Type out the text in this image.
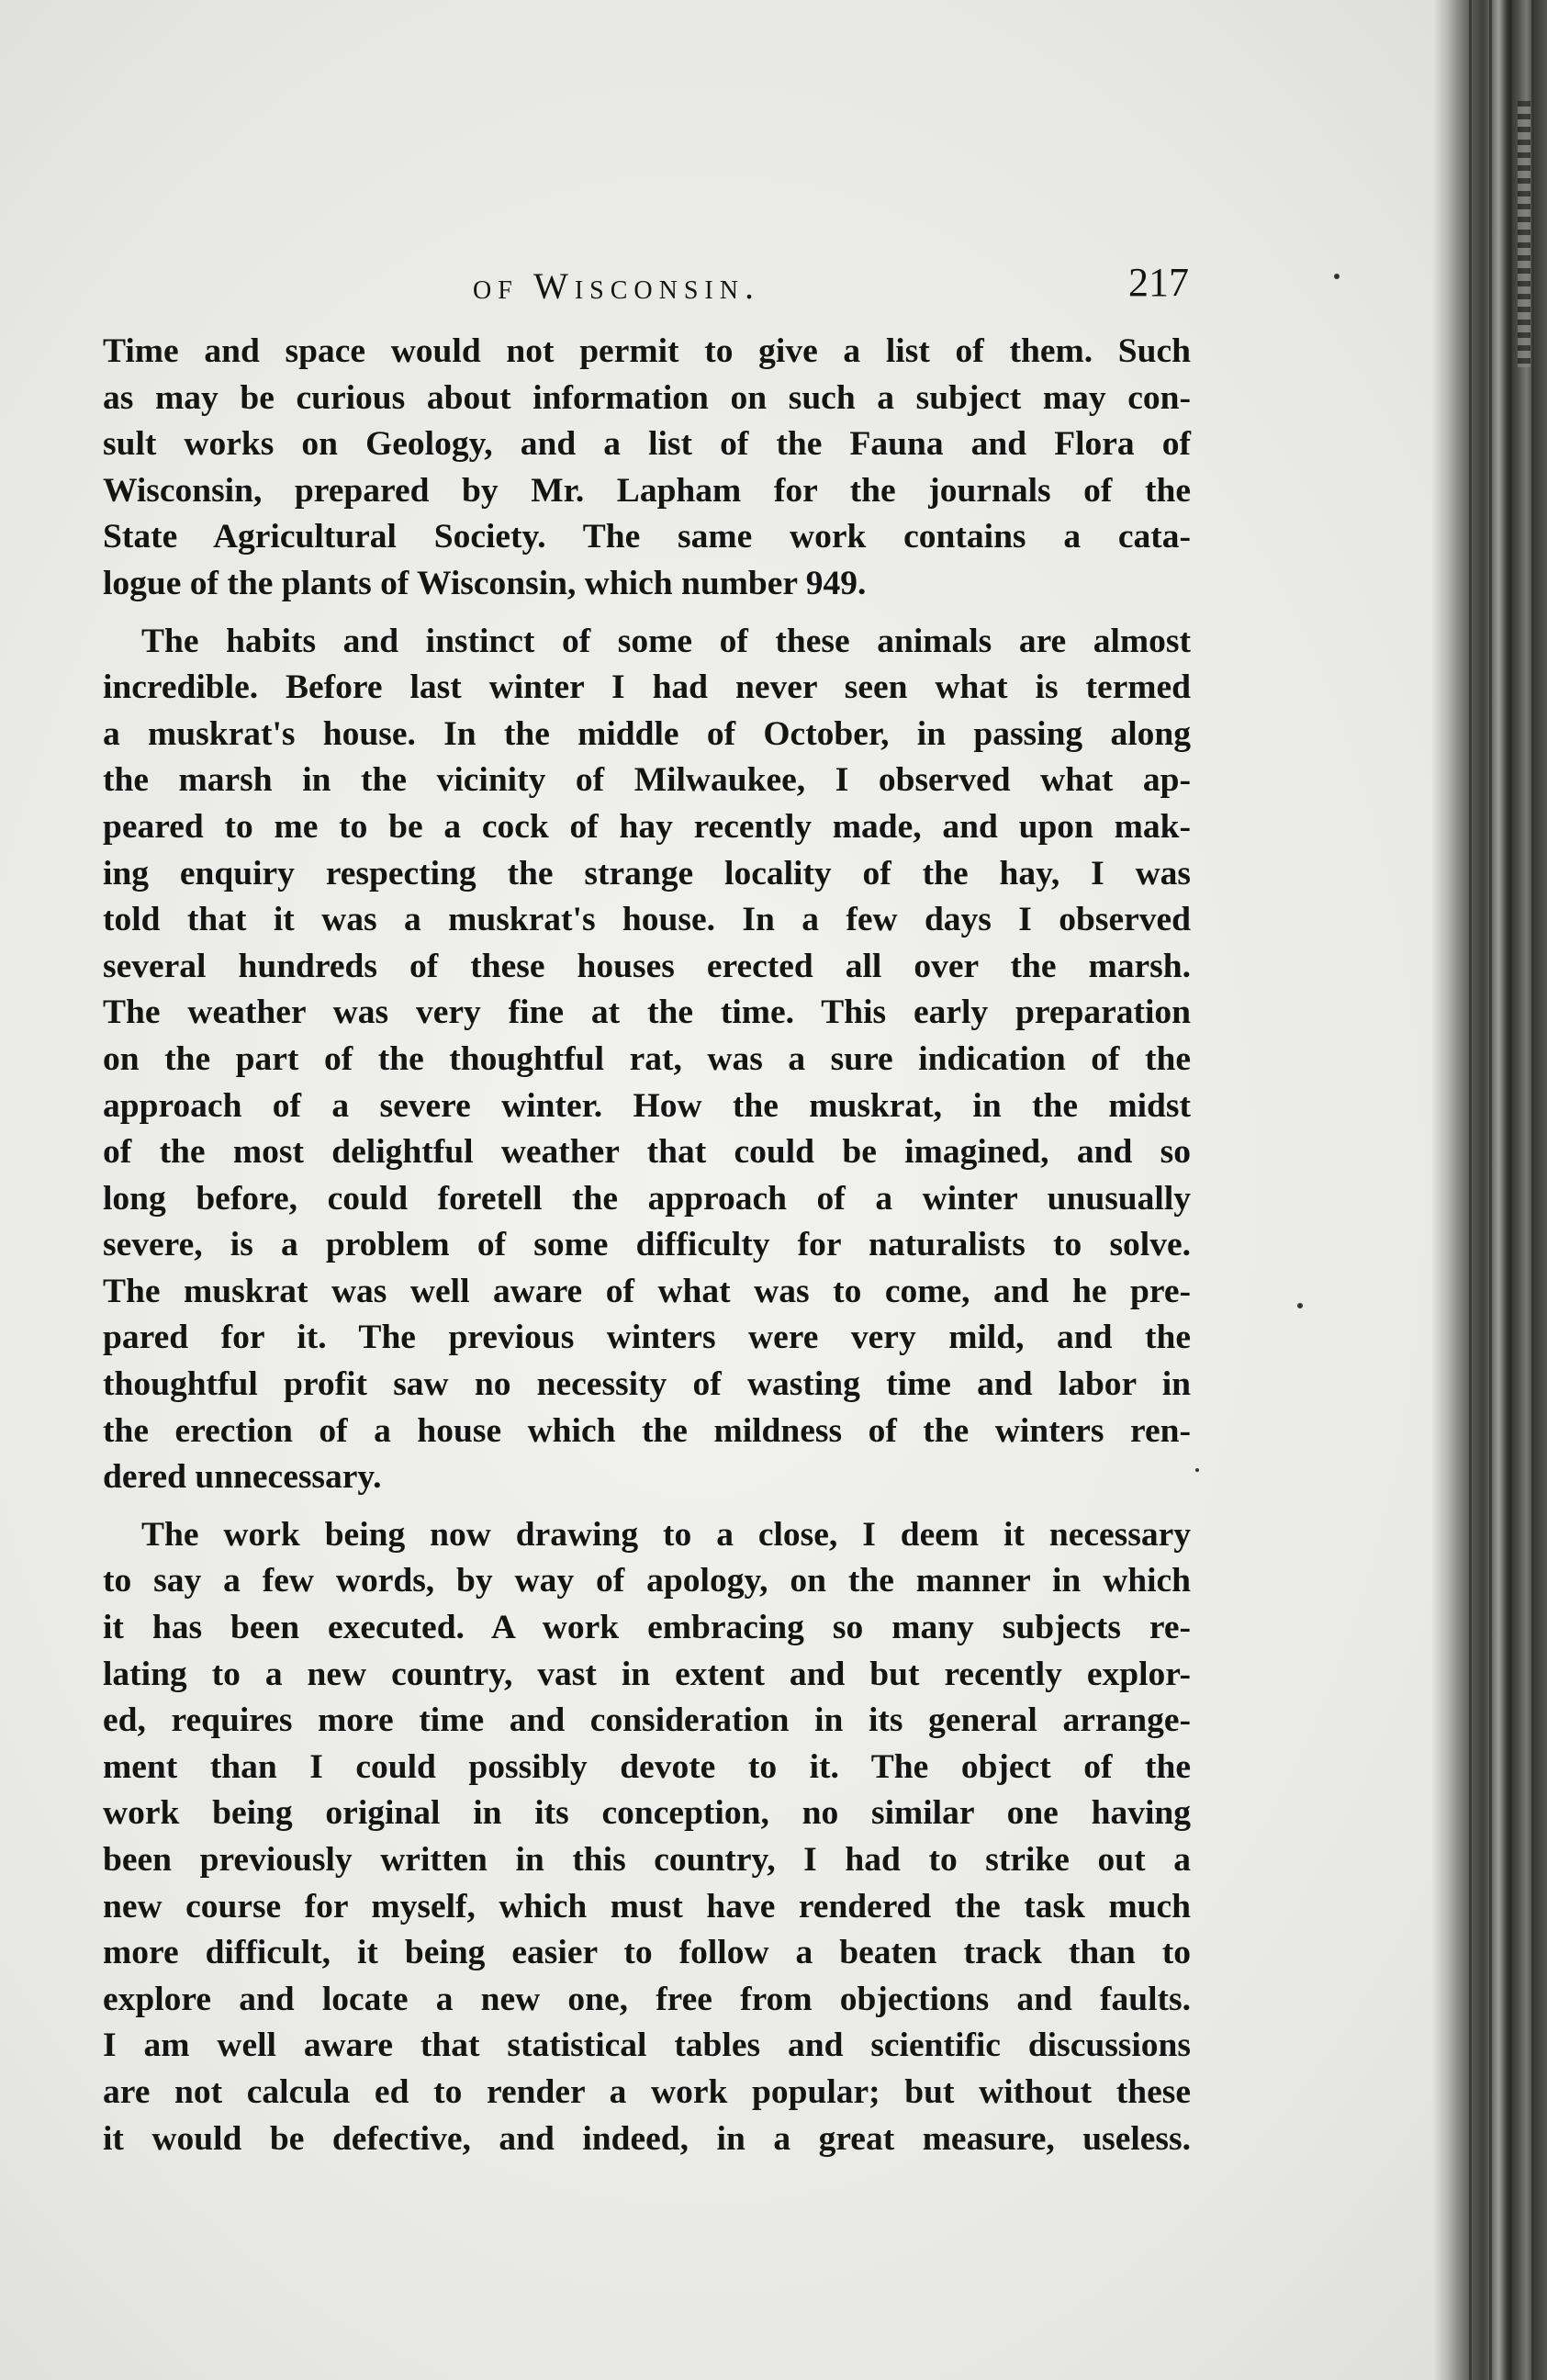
of Wisconsin.	217
Time and space would not permit to give a list of them. Such
as may be curious about information on such a subject may con-
sult works on Geology, and a list of the Fauna and Flora of
Wisconsin, prepared by Mr. Lapham for the journals of the
State Agricultural Society. The same work contains a cata-
logue of the plants of Wisconsin, which number 949.
The habits and instinct of some of these animals are almost
incredible. Before last winter I had never seen what is termed
a muskrat's house. In the middle of October, in passing along
the marsh in the vicinity of Milwaukee, I observed what ap-
peared to me to be a cock of hay recently made, and upon mak-
ing enquiry respecting the strange locality of the hay, I was
told that it was a muskrat's house. In a few days I observed
several hundreds of these houses erected all over the marsh.
The weather was very fine at the time. This early preparation
on the part of the thoughtful rat, was a sure indication of the
approach of a severe winter. How the muskrat, in the midst
of the most delightful weather that could be imagined, and so
long before, could foretell the approach of a winter unusually
severe, is a problem of some difficulty for naturalists to solve.
The muskrat was well aware of what was to come, and he pre-
pared for it. The previous winters were very mild, and the
thoughtful profit saw no necessity of wasting time and labor in
the erection of a house which the mildness of the winters ren-
dered unnecessary.
The work being now drawing to a close, I deem it necessary
to say a few words, by way of apology, on the manner in which
it has been executed. A work embracing so many subjects re-
lating to a new country, vast in extent and but recently explor-
ed, requires more time and consideration in its general arrange-
ment than I could possibly devote to it. The object of the
work being original in its conception, no similar one having
been previously written in this country, I had to strike out a
new course for myself, which must have rendered the task much
more difficult, it being easier to follow a beaten track than to
explore and locate a new one, free from objections and faults.
I am well aware that statistical tables and scientific discussions
are not calcula ed to render a work popular; but without these
it would be defective, and indeed, in a great measure, useless.
